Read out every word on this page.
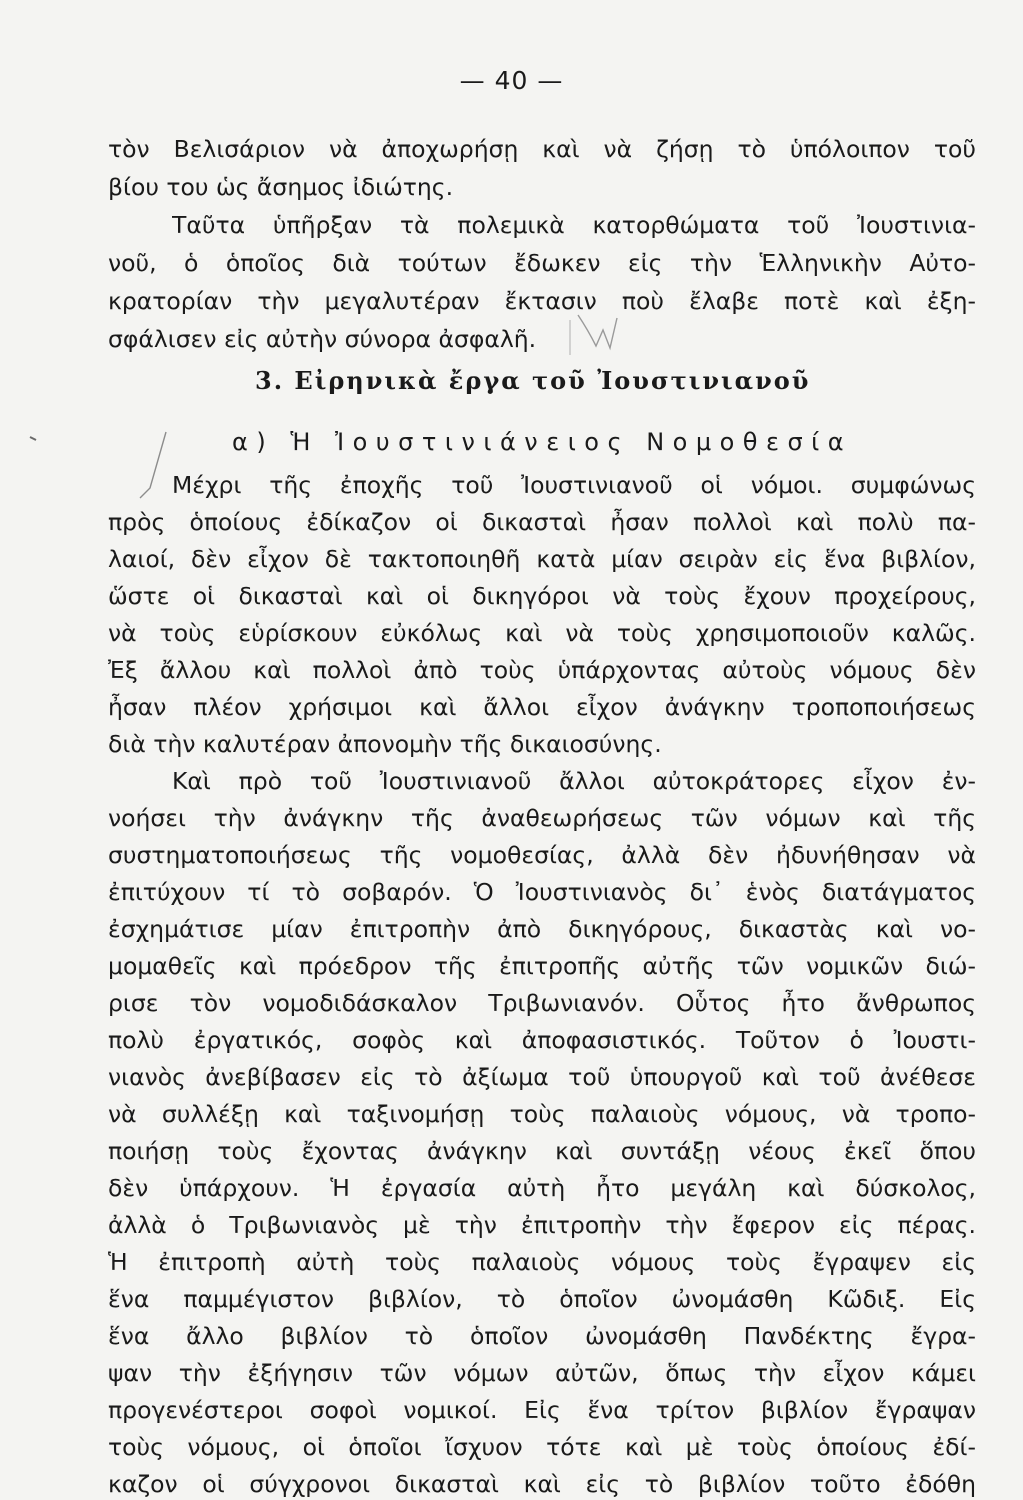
— 40 —
τὸν Βελισάριον νὰ ἀποχωρήσῃ καὶ νὰ ζήσῃ τὸ ὑπόλοιπον τοῦ
βίου του ὡς ἄσημος ἰδιώτης.
Ταῦτα ὑπῆρξαν τὰ πολεμικὰ κατορθώματα τοῦ Ἰουστινια-
νοῦ, ὁ ὁποῖος διὰ τούτων ἔδωκεν εἰς τὴν Ἑλληνικὴν Αὐτο-
κρατορίαν τὴν μεγαλυτέραν ἔκτασιν ποὺ ἔλαβε ποτὲ καὶ ἐξη-
σφάλισεν εἰς αὐτὴν σύνορα ἀσφαλῆ.
3. Εἰρηνικὰ ἔργα τοῦ Ἰουστινιανοῦ
α) Ἡ Ἰουστινιάνειος Νομοθεσία
Μέχρι τῆς ἐποχῆς τοῦ Ἰουστινιανοῦ οἱ νόμοι. συμφώνως
πρὸς ὁποίους ἐδίκαζον οἱ δικασταὶ ἦσαν πολλοὶ καὶ πολὺ πα-
λαιοί, δὲν εἶχον δὲ τακτοποιηθῆ κατὰ μίαν σειρὰν εἰς ἕνα βιβλίον,
ὥστε οἱ δικασταὶ καὶ οἱ δικηγόροι νὰ τοὺς ἔχουν προχείρους,
νὰ τοὺς εὑρίσκουν εὐκόλως καὶ νὰ τοὺς χρησιμοποιοῦν καλῶς.
Ἐξ ἄλλου καὶ πολλοὶ ἀπὸ τοὺς ὑπάρχοντας αὐτοὺς νόμους δὲν
ἦσαν πλέον χρήσιμοι καὶ ἄλλοι εἶχον ἀνάγκην τροποποιήσεως
διὰ τὴν καλυτέραν ἀπονομὴν τῆς δικαιοσύνης.
Καὶ πρὸ τοῦ Ἰουστινιανοῦ ἄλλοι αὐτοκράτορες εἶχον ἐν-
νοήσει τὴν ἀνάγκην τῆς ἀναθεωρήσεως τῶν νόμων καὶ τῆς
συστηματοποιήσεως τῆς νομοθεσίας, ἀλλὰ δὲν ἠδυνήθησαν νὰ
ἐπιτύχουν τί τὸ σοβαρόν. Ὁ Ἰουστινιανὸς δι᾽ ἑνὸς διατάγματος
ἐσχημάτισε μίαν ἐπιτροπὴν ἀπὸ δικηγόρους, δικαστὰς καὶ νο-
μομαθεῖς καὶ πρόεδρον τῆς ἐπιτροπῆς αὐτῆς τῶν νομικῶν διώ-
ρισε τὸν νομοδιδάσκαλον Τριβωνιανόν. Οὗτος ἦτο ἄνθρωπος
πολὺ ἐργατικός, σοφὸς καὶ ἀποφασιστικός. Τοῦτον ὁ Ἰουστι-
νιανὸς ἀνεβίβασεν εἰς τὸ ἀξίωμα τοῦ ὑπουργοῦ καὶ τοῦ ἀνέθεσε
νὰ συλλέξῃ καὶ ταξινομήσῃ τοὺς παλαιοὺς νόμους, νὰ τροπο-
ποιήσῃ τοὺς ἔχοντας ἀνάγκην καὶ συντάξῃ νέους ἐκεῖ ὅπου
δὲν ὑπάρχουν. Ἡ ἐργασία αὐτὴ ἦτο μεγάλη καὶ δύσκολος,
ἀλλὰ ὁ Τριβωνιανὸς μὲ τὴν ἐπιτροπὴν τὴν ἔφερον εἰς πέρας.
Ἡ ἐπιτροπὴ αὐτὴ τοὺς παλαιοὺς νόμους τοὺς ἔγραψεν εἰς
ἕνα παμμέγιστον βιβλίον, τὸ ὁποῖον ὠνομάσθη Κῶδιξ. Εἰς
ἕνα ἄλλο βιβλίον τὸ ὁποῖον ὠνομάσθη Πανδέκτης ἔγρα-
ψαν τὴν ἐξήγησιν τῶν νόμων αὐτῶν, ὅπως τὴν εἶχον κάμει
προγενέστεροι σοφοὶ νομικοί. Εἰς ἕνα τρίτον βιβλίον ἔγραψαν
τοὺς νόμους, οἱ ὁποῖοι ἴσχυον τότε καὶ μὲ τοὺς ὁποίους ἐδί-
καζον οἱ σύγχρονοι δικασταὶ καὶ εἰς τὸ βιβλίον τοῦτο ἐδόθη
